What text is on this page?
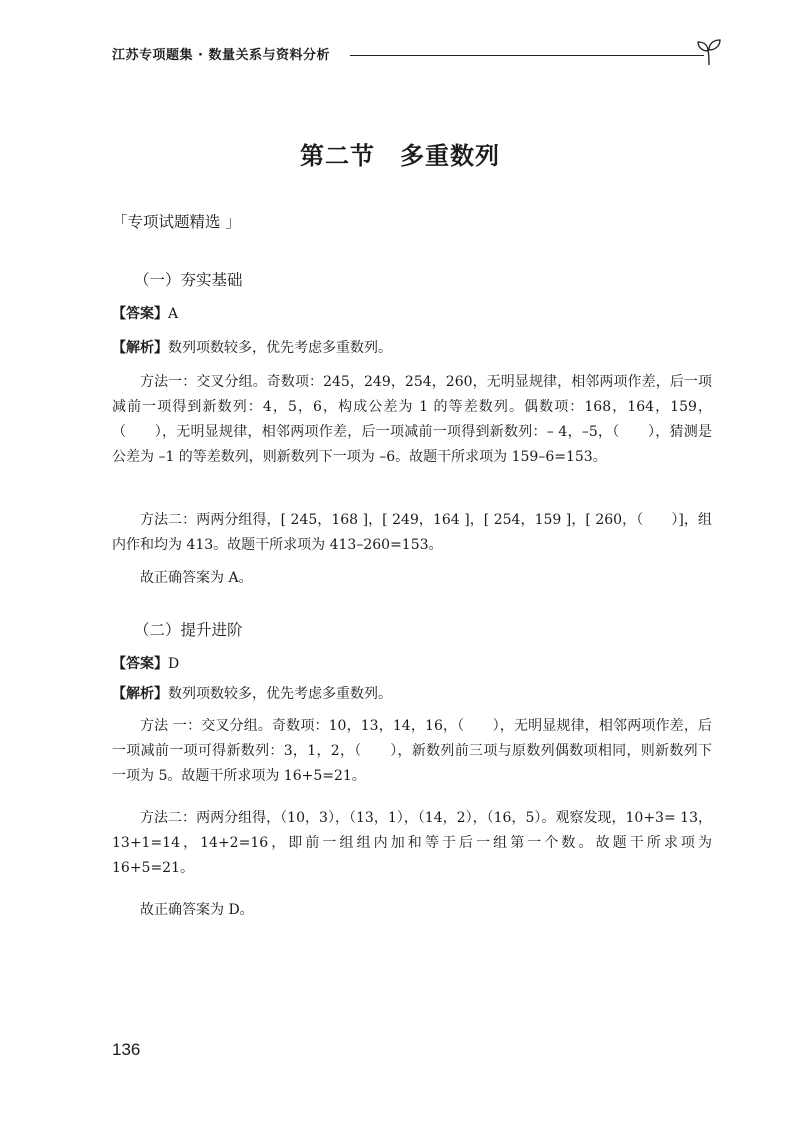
江苏专项题集 · 数量关系与资料分析
第二节　多重数列
「专项试题精选 」
（一）夯实基础

【答案】A

【解析】数列项数较多，优先考虑多重数列。

方法一：交叉分组。奇数项：245，249，254，260，无明显规律，相邻两项作差，后一项减前一项得到新数列：4，5，6，构成公差为 1 的等差数列。偶数项：168，164，159，（　　），无明显规律，相邻两项作差，后一项减前一项得到新数列：– 4，–5，（　　），猜测是公差为 –1 的等差数列，则新数列下一项为 –6。故题干所求项为 159–6=153。

方法二：两两分组得，[ 245，168 ]，[ 249，164 ]，[ 254，159 ]，[ 260，（　　）]，组内作和均为 413。故题干所求项为 413–260=153。

故正确答案为 A。

（二）提升进阶

【答案】D

【解析】数列项数较多，优先考虑多重数列。

方法 一：交叉分组。奇数项：10，13，14，16，（　　），无明显规律，相邻两项作差，后一项减前一项可得新数列：3，1，2，（　　），新数列前三项与原数列偶数项相同，则新数列下一项为 5。故题干所求项为 16+5=21。

方法二：两两分组得，（10，3），（13，1），（14，2），（16，5）。观察发现，10+3= 13，13+1=14，14+2=16，即前一组组内加和等于后一组第一个数。故题干所求项为 16+5=21。

故正确答案为 D。

136
